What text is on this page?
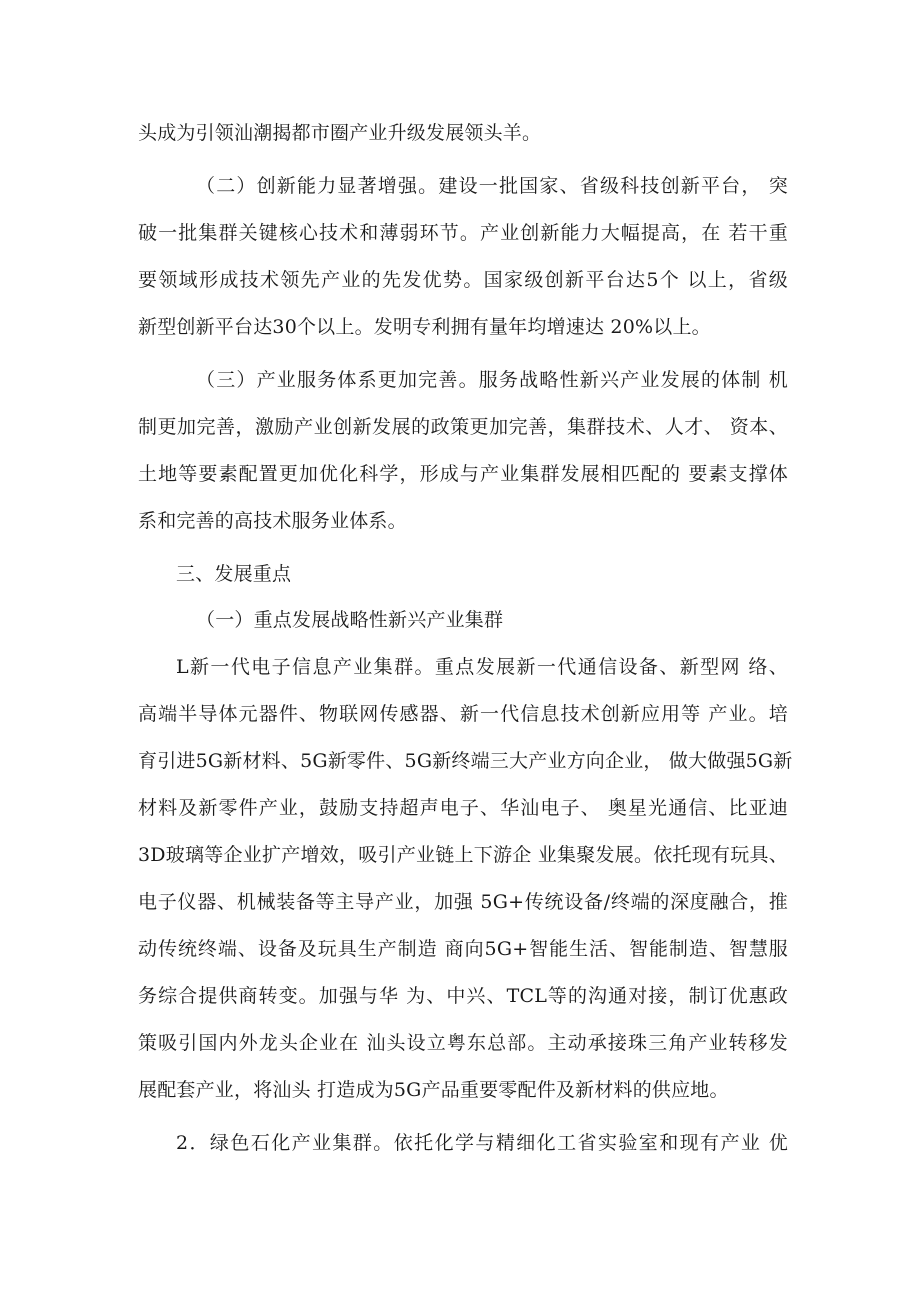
头成为引领汕潮揭都市圈产业升级发展领头羊。
（二）创新能力显著增强。建设一批国家、省级科技创新平台， 突
破一批集群关键核心技术和薄弱环节。产业创新能力大幅提高，在 若干重
要领域形成技术领先产业的先发优势。国家级创新平台达5个 以上，省级
新型创新平台达30个以上。发明专利拥有量年均增速达 20%以上。
（三）产业服务体系更加完善。服务战略性新兴产业发展的体制 机
制更加完善，激励产业创新发展的政策更加完善，集群技术、人才、 资本、
土地等要素配置更加优化科学，形成与产业集群发展相匹配的 要素支撑体
系和完善的高技术服务业体系。
三、发展重点
（一）重点发展战略性新兴产业集群
L新一代电子信息产业集群。重点发展新一代通信设备、新型网 络、
高端半导体元器件、物联网传感器、新一代信息技术创新应用等 产业。培
育引进5G新材料、5G新零件、5G新终端三大产业方向企业， 做大做强5G新
材料及新零件产业，鼓励支持超声电子、华汕电子、 奥星光通信、比亚迪
3D玻璃等企业扩产增效，吸引产业链上下游企 业集聚发展。依托现有玩具、
电子仪器、机械装备等主导产业，加强 5G+传统设备/终端的深度融合，推
动传统终端、设备及玩具生产制造 商向5G+智能生活、智能制造、智慧服
务综合提供商转变。加强与华 为、中兴、TCL等的沟通对接，制订优惠政
策吸引国内外龙头企业在 汕头设立粤东总部。主动承接珠三角产业转移发
展配套产业，将汕头 打造成为5G产品重要零配件及新材料的供应地。
2．绿色石化产业集群。依托化学与精细化工省实验室和现有产业 优
